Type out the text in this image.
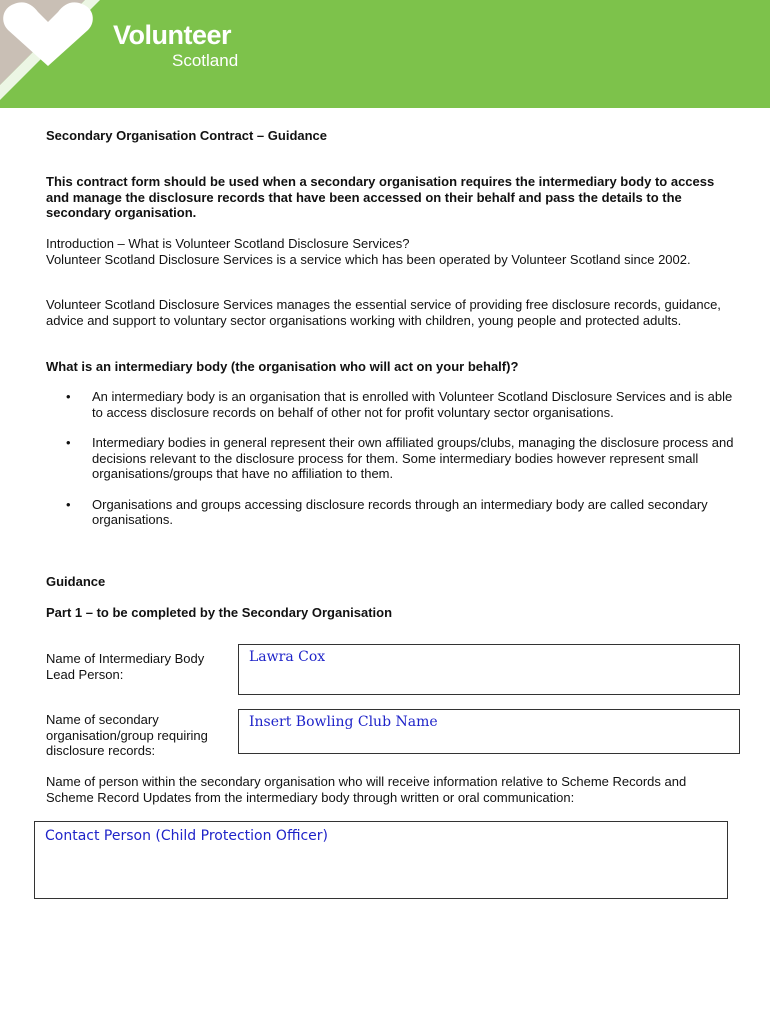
Volunteer
Scotland
Secondary Organisation Contract – Guidance
This contract form should be used when a secondary organisation requires the intermediary body to access and manage the disclosure records that have been accessed on their behalf and pass the details to the secondary organisation.
Introduction – What is Volunteer Scotland Disclosure Services?
Volunteer Scotland Disclosure Services is a service which has been operated by Volunteer Scotland since 2002.
Volunteer Scotland Disclosure Services manages the essential service of providing free disclosure records, guidance, advice and support to voluntary sector organisations working with children, young people and protected adults.
What is an intermediary body (the organisation who will act on your behalf)?
• An intermediary body is an organisation that is enrolled with Volunteer Scotland Disclosure Services and is able to access disclosure records on behalf of other not for profit voluntary sector organisations.
• Intermediary bodies in general represent their own affiliated groups/clubs, managing the disclosure process and decisions relevant to the disclosure process for them. Some intermediary bodies however represent small organisations/groups that have no affiliation to them.
• Organisations and groups accessing disclosure records through an intermediary body are called secondary organisations.
Guidance
Part 1 – to be completed by the Secondary Organisation
Name of Intermediary Body Lead Person:
Lawra Cox
Name of secondary organisation/group requiring disclosure records:
Insert Bowling Club Name
Name of person within the secondary organisation who will receive information relative to Scheme Records and Scheme Record Updates from the intermediary body through written or oral communication:
Contact Person (Child Protection Officer)
